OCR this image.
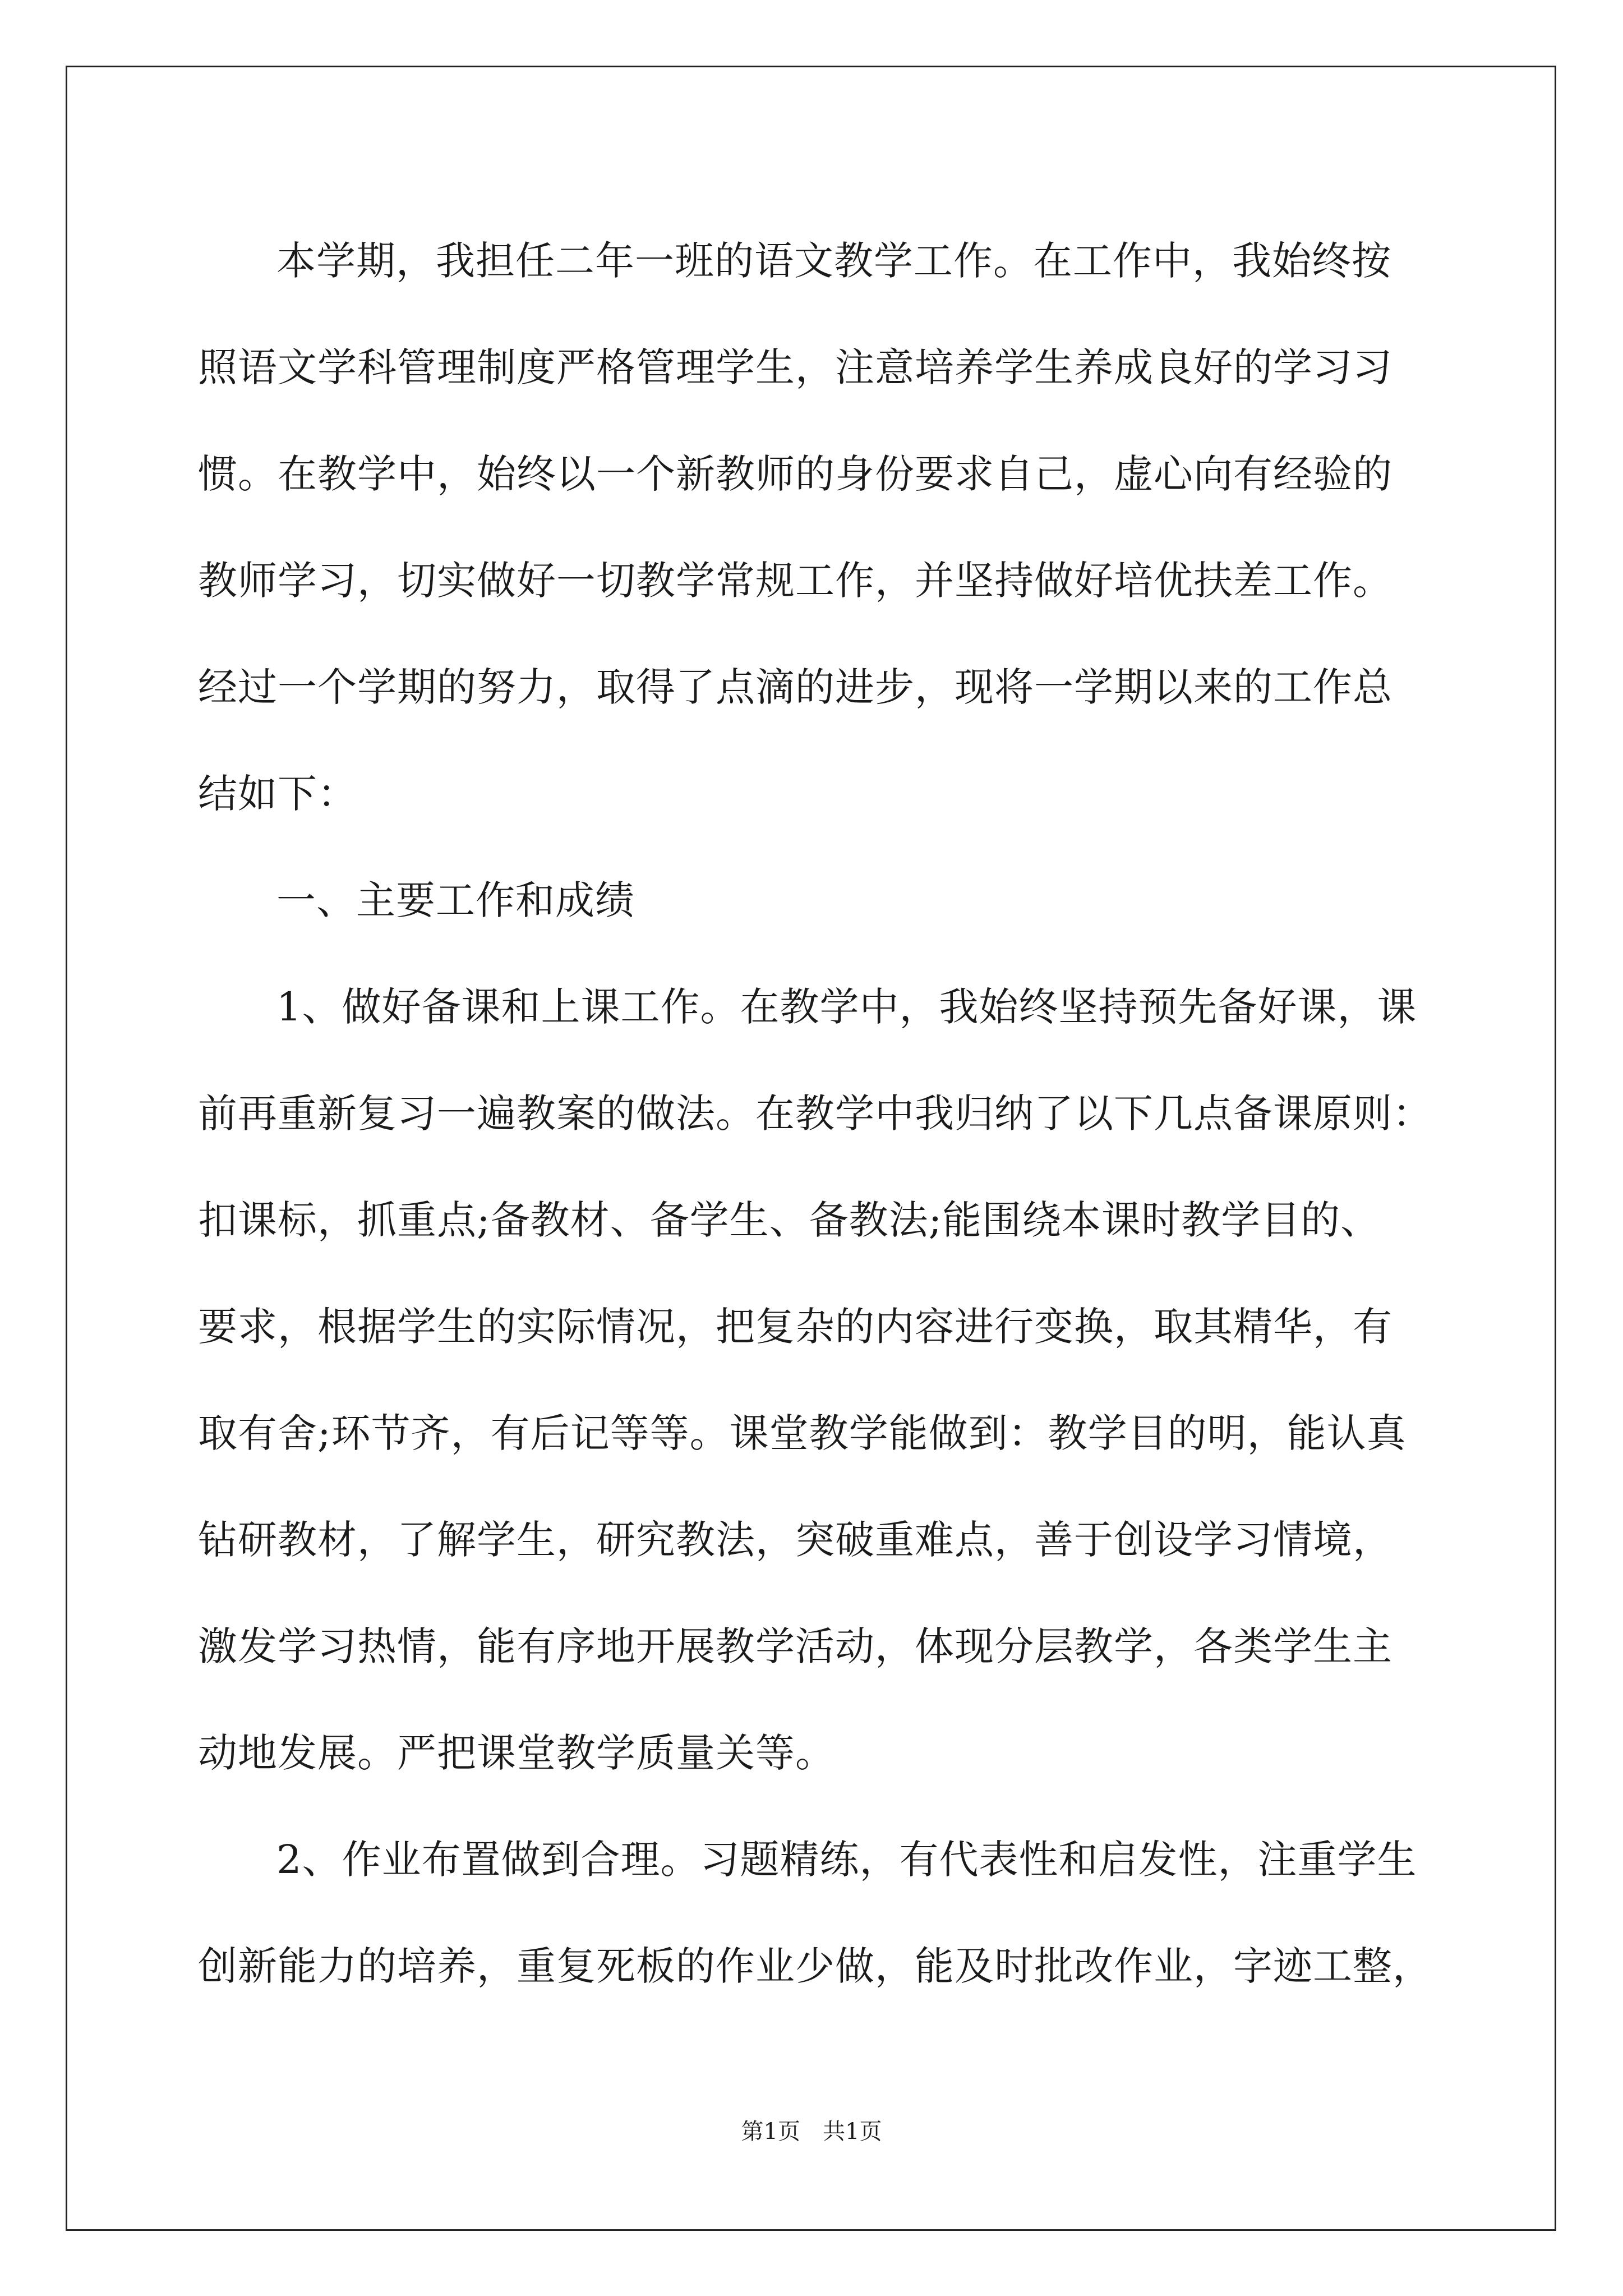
本学期，我担任二年一班的语文教学工作。在工作中，我始终按
照语文学科管理制度严格管理学生，注意培养学生养成良好的学习习
惯。在教学中，始终以一个新教师的身份要求自己，虚心向有经验的
教师学习，切实做好一切教学常规工作，并坚持做好培优扶差工作。
经过一个学期的努力，取得了点滴的进步，现将一学期以来的工作总
结如下：
一、主要工作和成绩
1、做好备课和上课工作。在教学中，我始终坚持预先备好课，课
前再重新复习一遍教案的做法。在教学中我归纳了以下几点备课原则：
扣课标，抓重点;备教材、备学生、备教法;能围绕本课时教学目的、
要求，根据学生的实际情况，把复杂的内容进行变换，取其精华，有
取有舍;环节齐，有后记等等。课堂教学能做到：教学目的明，能认真
钻研教材，了解学生，研究教法，突破重难点，善于创设学习情境，
激发学习热情，能有序地开展教学活动，体现分层教学，各类学生主
动地发展。严把课堂教学质量关等。
2、作业布置做到合理。习题精练，有代表性和启发性，注重学生
创新能力的培养，重复死板的作业少做，能及时批改作业，字迹工整，
第1页　共1页
